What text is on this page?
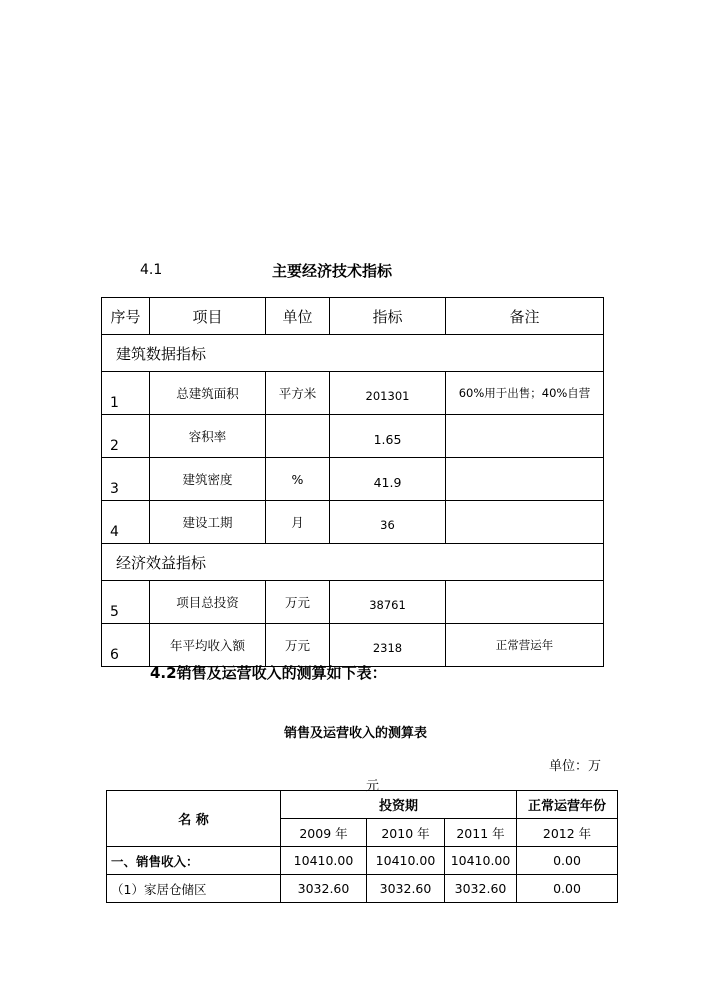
4.1	主要经济技术指标
序号	项目	单位	指标	备注
建筑数据指标				
1	总建筑面积	平方米	201301	60%用于出售；40%自营
2	容积率		1.65	
3	建筑密度	%	41.9	
4	建设工期	月	36	
经济效益指标				
5	项目总投资	万元	38761	
6	年平均收入额	万元	2318	正常营运年
4.2销售及运营收入的测算如下表：
销售及运营收入的测算表
单位：万
元
名 称	投资期			正常运营年份
	2009 年	2010 年	2011 年	2012 年
一、销售收入：	10410.00	10410.00	10410.00	0.00
（1）家居仓储区	3032.60	3032.60	3032.60	0.00
